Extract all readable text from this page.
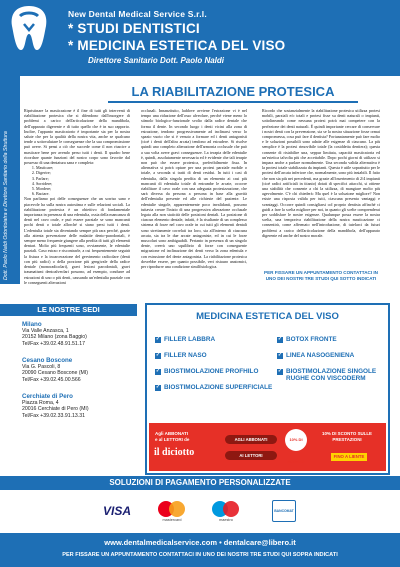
New Dental Medical Service S.r.l.
* STUDI DENTISTICI
* MEDICINA ESTETICA DEL VISO
Direttore Sanitario Dott. Paolo Naldi
Dott. Paolo Naldi Odontoiatra e Direttore Sanitario della Struttura
LA RIABILITAZIONE PROTESICA
Ripristinare la masticazione è il fine di tutti gli interventi di riabilitazione protesica che si difendono dall'insorgere di problemi a carico dell'articolazione della mandibola, dell'apparato digerente e di tutto quello che è in suo rapporto. Inoltre, l'appunto masticatorio è importante sia per la nostra salute che per la qualità della nostra vita, anche se qualcuno tende a sottovalutare le conseguenze che la sua compromissione può avere. Si pensi a ciò che succede come il non riuscire a masticare bene per avendo perso tutti i denti. Il quadro bene ricordare quante funzioni del nostro corpo sono favorite dal possesso di una dentatura sana e completa:
1. Masticare;
2. Digerire;
3. Parlare;
4. Sorridere;
5. Mordere;
6. Baciare.
Non parliamo poi delle conseguenze che un sorriso sano e piacevole ha sulla nostra autostima e sulle relazioni sociali. La riabilitazione protesica è un obiettivo di fondamentale importanza in presenza di una edentulia, ossia della mancanza di denti nel cavo orale, e può essere parziale se sono mancanti pochi denti o totale allorché si siano persi tutti i denti. L'edentulia totale sta diventando sempre più rara perché, grazie alla attenta prevenzione delle malattie dento-parodontali, è sempre meno frequente giungere alla perdita di tutti gli elementi dentari. Molto più frequenti sono, ovviamente, le edentulie parziali. Caso estrao e riscontrarle, a cui frequentemente seguirà la fistura e la incarcerazione del gervimento radicolare (denti con più radici) o della porzione più gengivale della radice dentale (monoradicolari), gravi lesioni parodontali, gravi traumatismi dentoalveolari possono, ad esempio, condurre ad estrazioni di uno o più denti, causando un'edentulia parziale con le conseguenti alterazioni
occlusali. Innanzitutto, laddove avviene l'estrazione vi è nel tempo una riduzione dell'osso alveolare, perché viene meno lo stimolo biologico-funzionale svolto dalla radice dentale che forma il dente. In secondo luogo i denti vicini alla zona di estrazione, tendono progressivamente ad inclinarsi verso lo spazio vuoto che si è venuto a formare ed i denti antagonisti (cioè i denti dell'altra arcata) tendono ad estrudere. Si risolve quindi uno completo alterazione dell'armonia occlusale che può a sua volta avere gravi conseguenze. La terapia delle edentulie è, quindi, assolutamente necessaria ed è evidente che tali terapie non può che essere protesica, preferibilmente fissa. In alternativa si potrà optare per una protesi parziale mobile o totale, a seconda si tratti di denti residui. In tutti i casi di edentulia, dalla singola perdita di un elemento ai casi più mancanti di edentulia totale di entrambe le arcate, occorre riabilitare il cavo orale con una adeguata protesizzazione, che sarà diversa da persona a persona in base alla gravità dell'edentulia presente ed alle richieste del paziente. Le edentulie singole, apparentemente poco invalidanti, possono tuttavia creare l'inizio di una progressiva alterazione occlusale legata alla non staticità delle posizioni dentali. La posizione di ciascun elemento dentale, infatti, è la risultante di un complesso sistema di forze nel cavo orale in cui tutti gli elementi dentali sono strettamente correlati tra loro, sia all'interno di ciascuna arcata, sia tra le due arcate antagoniste, ed in cui le forze muscolari sono ambiguabili. Pertanto in presenza di un singolo dente, creerà uno squilibrio di forze con conseguente migrazione ed inclinazione dei denti verso la zona edentula e con estrusione del dente antagonista. La riabilitazione protesica dovrebbe essere, per quanto possibile, veri ristauro anatomici, per riprodurre una condizione similfisiologica.
Ricordo che sostanzialmente la riabilitazione protesica utilizza protesi mobili, parziali e/o totali e protesi fisse su denti naturali o impianti, sottolineando come nessuna protesi potrà mai competere con la perfezione dei denti naturali. È quindi importante cercare di conservare i nostri denti con la prevenzione, sia se la nostra situazione fosse ormai compromessa, cosa può fare il dentista? Fortunatamente può fare molto e le soluzioni possibili sono adatte alle esigenze di ciascuno. La più semplice è la protesi rimovibile totale (la cosiddetta dentiera); questa consente di ristabilire una, seppur limitata, capacità masticatoria ed un'estetica talvolta più che accettabile. Dopo pochi giorni di utilizzo si impara anche a parlare normalmente. Una seconda valida alternativa è la protesi totale stabilizzata da impianti. Questa è utile soprattutto per le protesi dell'arcata inferiore che, normalmente, sono più instabili. Il fatto che non sia più nei precedenti, ma grazie all'inserimento di 2/4 impianti (cioè radici artificiali in titanio) dotati di specifici attacchi, si ottiene una stabilità che consente a chi la utilizza, di mangiare molto più agevolmente. C'è chi chiederà: Ma quel è la soluzione migliore? Non esiste una risposta valida per tutti, ciascuna presenta vantaggi e svantaggi. Occorre quindi consigliarsi col proprio dentista affinché ci guidi a fare la scelta migliore per noi, in quanto gli scelte comprenderai per soddisfare le nostre esigenze. Qualunque possa essere la nostra scelta, una temporiva riabilitazione della nostra masticazione ci consentirà, come affermato nell'introduzione, di tutelarci da futuri problemi a carico dell'articolazione della mandibola, dell'apparato digerente ed anche del nostro morale.
PER FISSARE UN APPUNTAMENTO CONTATTACI IN UNO DEI NOSTRI TRE STUDI QUI SOTTO INDICATI
LE NOSTRE SEDI
Milano
Via Valle Anzasca, 1
20152 Milano (zona Baggio)
Tel/Fax +39.02.48.91.51.17
Cesano Boscone
Via G. Pascoli, 8
20090 Cesano Boscone (MI)
Tel/Fax +39.02.45.00.566
Cerchiate di Pero
Piazza Roma, 4
20016 Cerchiate di Pero (MI)
Tel/Fax +39.02.33.91.13.31
MEDICINA ESTETICA DEL VISO
✓ FILLER LABBRA
✓ FILLER NASO
✓ BIOSTIMOLAZIONE PROFHILO
✓ BIOSTIMOLAZIONE SUPERFICIALE
✓ BOTOX FRONTE
✓ LINEA NASOGENIENA
✓ BIOSTIMOLAZIONE SINGOLE RUGHE CON VISCODERM
Agli ABBONATI
e al LETTORI de
il diciotto
AGLI ABBONATI
AI LETTORI
10% DI SCONTO
10% DI SCONTO SULLE PRESTAZIONI
FINO A LIENTE
SOLUZIONI DI PAGAMENTO PERSONALIZZATE
VISA
mastercard	maestro
BANCOMAT
www.dentalmedicalservice.com • dentalcare@libero.it
PER FISSARE UN APPUNTAMENTO CONTATTACI IN UNO DEI NOSTRI TRE STUDI QUI SOPRA INDICATI
